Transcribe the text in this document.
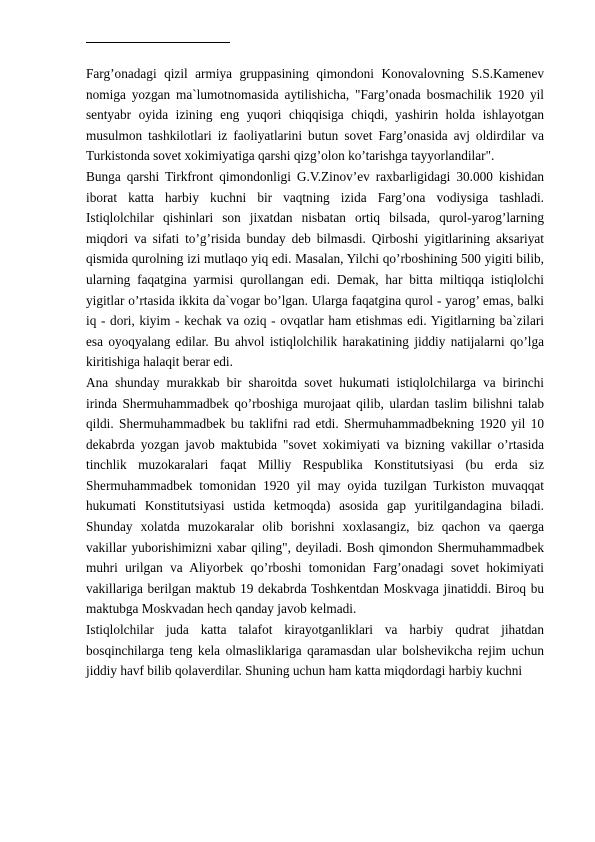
Farg’onadagi qizil armiya gruppasining qimondoni Konovalovning S.S.Kamenev nomiga yozgan ma`lumotnomasida aytilishicha, "Farg’onada bosmachilik 1920 yil sentyabr oyida izining eng yuqori chiqqisiga chiqdi, yashirin holda ishlayotgan musulmon tashkilotlari iz faoliyatlarini butun sovet Farg’onasida avj oldirdilar va Turkistonda sovet xokimiyatiga qarshi qizg’olon ko’tarishga tayyorlandilar".

Bunga qarshi Tirkfront qimondonligi G.V.Zinov’ev raxbarligidagi 30.000 kishidan iborat katta harbiy kuchni bir vaqtning izida Farg’ona vodiysiga tashladi. Istiqlolchilar qishinlari son jixatdan nisbatan ortiq bilsada, qurol-yarog’larning miqdori va sifati to’g’risida bunday deb bilmasdi. Qirboshi yigitlarining aksariyat qismida qurolning izi mutlaqo yiq edi. Masalan, Yilchi qo’rboshining 500 yigiti bilib, ularning faqatgina yarmisi qurollangan edi. Demak, har bitta miltiqqa istiqlolchi yigitlar o’rtasida ikkita da`vogar bo’lgan. Ularga faqatgina qurol - yarog’ emas, balki iq - dori, kiyim - kechak va oziq - ovqatlar ham etishmas edi. Yigitlarning ba`zilari esa oyoqyalang edilar. Bu ahvol istiqlolchilik harakatining jiddiy natijalarni qo’lga kiritishiga halaqit berar edi.

Ana shunday murakkab bir sharoitda sovet hukumati istiqlolchilarga va birinchi irinda Shermuhammadbek qo’rboshiga murojaat qilib, ulardan taslim bilishni talab qildi. Shermuhammadbek bu taklifni rad etdi. Shermuhammadbekning 1920 yil 10 dekabrda yozgan javob maktubida "sovet xokimiyati va bizning vakillar o’rtasida tinchlik muzokaralari faqat Milliy Respublika Konstitutsiyasi (bu erda siz Shermuhammadbek tomonidan 1920 yil may oyida tuzilgan Turkiston muvaqqat hukumati Konstitutsiyasi ustida ketmoqda) asosida gap yuritilgandagina biladi. Shunday xolatda muzokaralar olib borishni xoxlasangiz, biz qachon va qaerga vakillar yuborishimizni xabar qiling", deyiladi. Bosh qimondon Shermuhammadbek muhri urilgan va Aliyorbek qo’rboshi tomonidan Farg’onadagi sovet hokimiyati vakillariga berilgan maktub 19 dekabrda Toshkentdan Moskvaga jinatiddi. Biroq bu maktubga Moskvadan hech qanday javob kelmadi.

Istiqlolchilar juda katta talafot kirayotganliklari va harbiy qudrat jihatdan bosqinchilarga teng kela olmasliklariga qaramasdan ular bolshevikcha rejim uchun jiddiy havf bilib qolaverdilar. Shuning uchun ham katta miqdordagi harbiy kuchni
